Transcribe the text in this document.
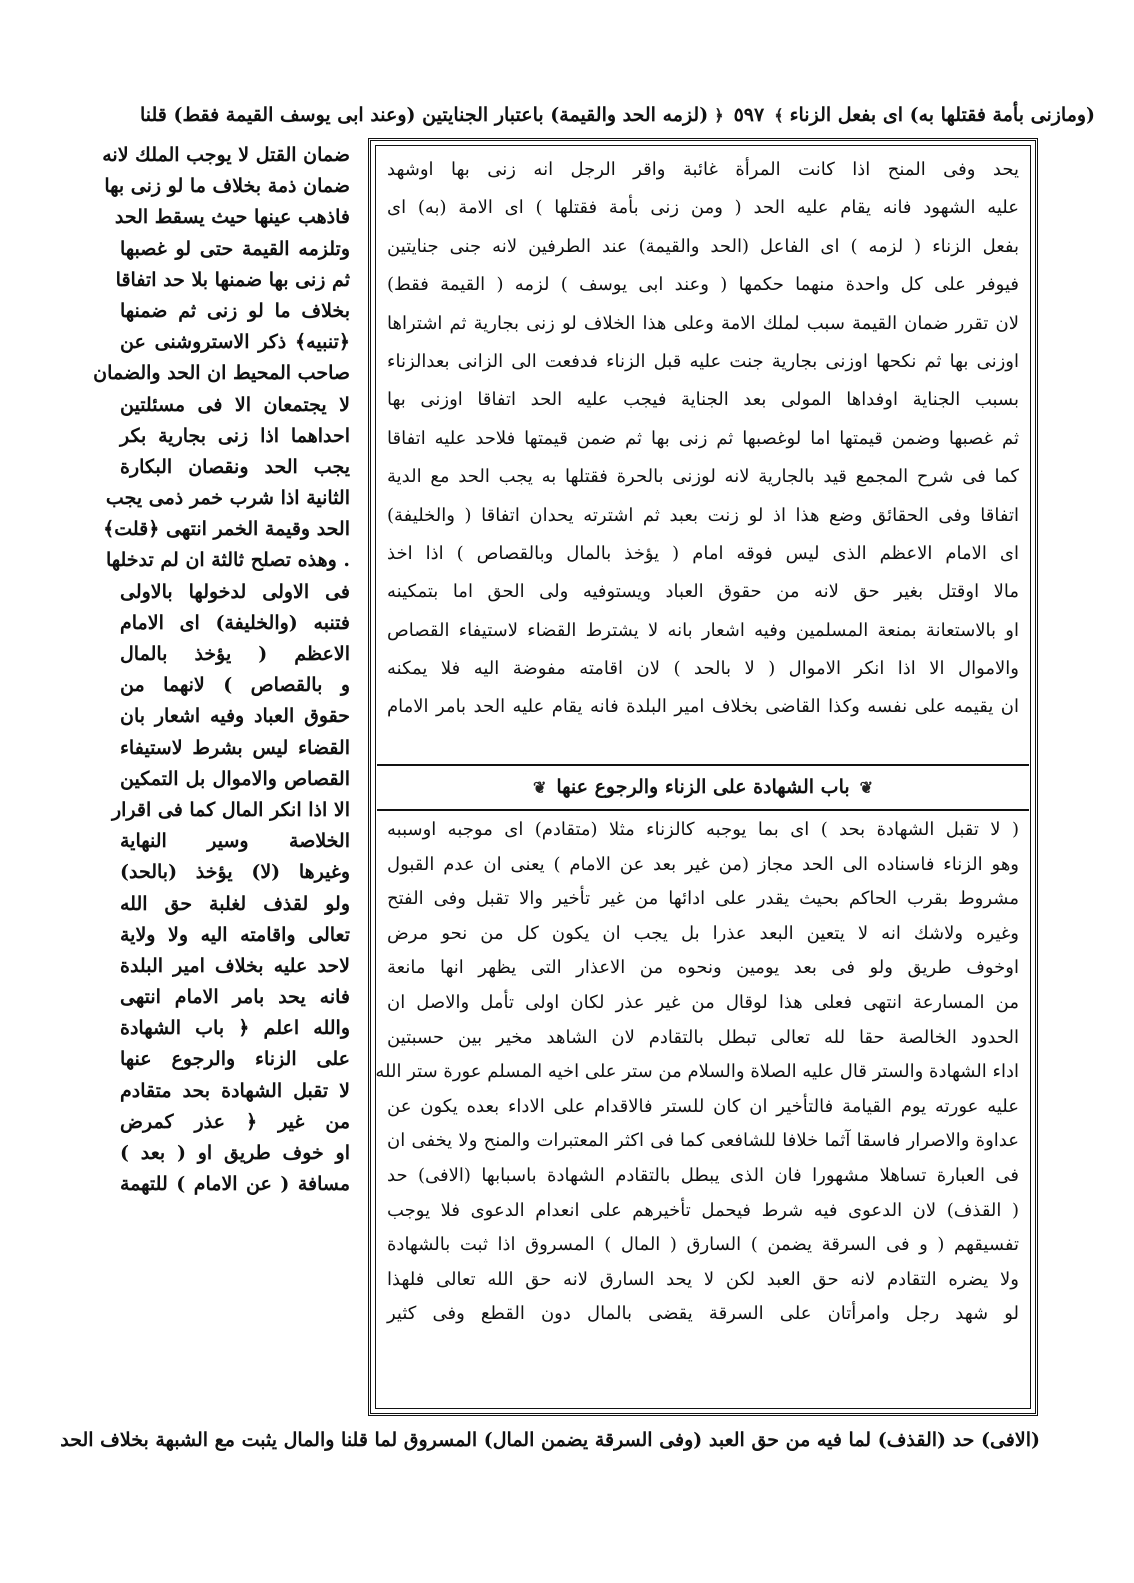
(ومازنى بأمة فقتلها به) اى بفعل الزناء
﴾
٥٩٧
﴿
(لزمه الحد والقيمة) باعتبار الجنايتين (وعند ابى يوسف القيمة فقط) قلنا
يحد وفى المنح اذا كانت المرأة غائبة واقر الرجل انه زنى بها اوشهد
عليه الشهود فانه يقام عليه الحد ( ومن زنى بأمة فقتلها ) اى الامة (به) اى
بفعل الزناء ( لزمه ) اى الفاعل (الحد والقيمة) عند الطرفين لانه جنى جنايتين
فيوفر على كل واحدة منهما حكمها ( وعند ابى يوسف ) لزمه ( القيمة فقط)
لان تقرر ضمان القيمة سبب لملك الامة وعلى هذا الخلاف لو زنى بجارية ثم اشتراها
اوزنى بها ثم نكحها اوزنى بجارية جنت عليه قبل الزناء فدفعت الى الزانى بعدالزناء
بسبب الجناية اوفداها المولى بعد الجناية فيجب عليه الحد اتفاقا اوزنى بها
ثم غصبها وضمن قيمتها اما لوغصبها ثم زنى بها ثم ضمن قيمتها فلاحد عليه اتفاقا
كما فى شرح المجمع قيد بالجارية لانه لوزنى بالحرة فقتلها به يجب الحد مع الدية
اتفاقا وفى الحقائق وضع هذا اذ لو زنت بعبد ثم اشترته يحدان اتفاقا ( والخليفة)
اى الامام الاعظم الذى ليس فوقه امام ( يؤخذ بالمال وبالقصاص ) اذا اخذ
مالا اوقتل بغير حق لانه من حقوق العباد ويستوفيه ولى الحق اما بتمكينه
او بالاستعانة بمنعة المسلمين وفيه اشعار بانه لا يشترط القضاء لاستيفاء القصاص
والاموال الا اذا انكر الاموال ( لا بالحد ) لان اقامته مفوضة اليه فلا يمكنه
ان يقيمه على نفسه وكذا القاضى بخلاف امير البلدة فانه يقام عليه الحد بامر الامام
❦
باب الشهادة على الزناء والرجوع عنها
❦
( لا تقبل الشهادة بحد ) اى بما يوجبه كالزناء مثلا (متقادم) اى موجبه اوسببه
وهو الزناء فاسناده الى الحد مجاز (من غير بعد عن الامام ) يعنى ان عدم القبول
مشروط بقرب الحاكم بحيث يقدر على ادائها من غير تأخير والا تقبل وفى الفتح
وغيره ولاشك انه لا يتعين البعد عذرا بل يجب ان يكون كل من نحو مرض
اوخوف طريق ولو فى بعد يومين ونحوه من الاعذار التى يظهر انها مانعة
من المسارعة انتهى فعلى هذا لوقال من غير عذر لكان اولى تأمل والاصل ان
الحدود الخالصة حقا لله تعالى تبطل بالتقادم لان الشاهد مخير بين حسبتين
اداء الشهادة والستر قال عليه الصلاة والسلام من ستر على اخيه المسلم عورة ستر الله
عليه عورته يوم القيامة فالتأخير ان كان للستر فالاقدام على الاداء بعده يكون عن
عداوة والاصرار فاسقا آثما خلافا للشافعى كما فى اكثر المعتبرات والمنح ولا يخفى ان
فى العبارة تساهلا مشهورا فان الذى يبطل بالتقادم الشهادة باسبابها (الافى) حد
( القذف) لان الدعوى فيه شرط فيحمل تأخيرهم على انعدام الدعوى فلا يوجب
تفسيقهم ( و فى السرقة يضمن ) السارق ( المال ) المسروق اذا ثبت بالشهادة
ولا يضره التقادم لانه حق العبد لكن لا يحد السارق لانه حق الله تعالى فلهذا
لو شهد رجل وامرأتان على السرقة يقضى بالمال دون القطع وفى كثير
ضمان القتل لا يوجب الملك لانه
ضمان ذمة بخلاف ما لو زنى بها
فاذهب عينها حيث يسقط الحد
وتلزمه القيمة حتى لو غصبها
ثم زنى بها ضمنها بلا حد اتفاقا
بخلاف ما لو زنى ثم ضمنها
﴿تنبيه﴾ ذكر الاستروشنى عن
صاحب المحيط ان الحد والضمان
لا يجتمعان الا فى مسئلتين
احداهما اذا زنى بجارية بكر
يجب الحد ونقصان البكارة
الثانية اذا شرب خمر ذمى يجب
الحد وقيمة الخمر انتهى ﴿قلت﴾
. وهذه تصلح ثالثة ان لم تدخلها
فى الاولى لدخولها بالاولى
فتنبه (والخليفة) اى الامام
الاعظم ( يؤخذ بالمال
و بالقصاص ) لانهما من
حقوق العباد وفيه اشعار بان
القضاء ليس بشرط لاستيفاء
القصاص والاموال بل التمكين
الا اذا انكر المال كما فى اقرار
الخلاصة وسير النهاية
وغيرها (لا) يؤخذ (بالحد)
ولو لقذف لغلبة حق الله
تعالى واقامته اليه ولا ولاية
لاحد عليه بخلاف امير البلدة
فانه يحد بامر الامام انتهى
والله اعلم ﴿ باب الشهادة
على الزناء والرجوع عنها
لا تقبل الشهادة بحد متقادم
من غير ﴿ عذر كمرض
او خوف طريق او ( بعد )
مسافة ( عن الامام ) للتهمة
(الافى) حد (القذف) لما فيه من حق العبد (وفى السرقة يضمن المال) المسروق لما قلنا والمال يثبت مع الشبهة بخلاف الحد
